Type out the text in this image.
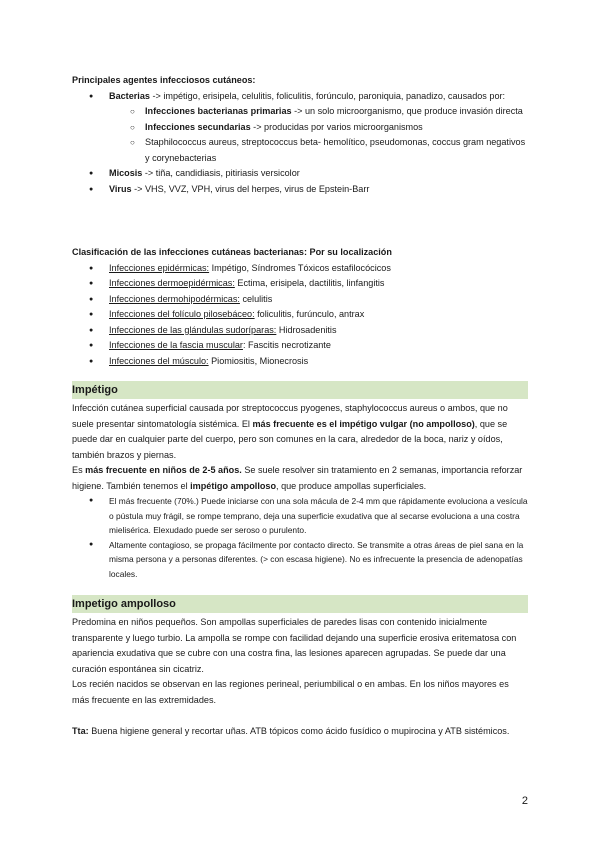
Principales agentes infecciosos cutáneos:
● Bacterias -> impétigo, erisipela, celulitis, foliculitis, forúnculo, paroniquia, panadizo, causados por:
○ Infecciones bacterianas primarias -> un solo microorganismo, que produce invasión directa
○ Infecciones secundarias -> producidas por varios microorganismos
○ Staphilococcus aureus, streptococcus beta- hemolítico, pseudomonas, coccus gram negativos y corynebacterias
● Micosis -> tiña, candidiasis, pitiriasis versicolor
● Virus -> VHS, VVZ, VPH, virus del herpes, virus de Epstein-Barr
Clasificación de las infecciones cutáneas bacterianas: Por su localización
● Infecciones epidérmicas: Impétigo, Síndromes Tóxicos estafilocócicos
● Infecciones dermoepidérmicas: Ectima, erisipela, dactilitis, linfangitis
● Infecciones dermohipodérmicas: celulitis
● Infecciones del folículo pilosebáceo: foliculitis, furúnculo, antrax
● Infecciones de las glándulas sudoríparas: Hidrosadenitis
● Infecciones de la fascia muscular: Fascitis necrotizante
● Infecciones del músculo: Piomiositis, Mionecrosis
Impétigo
Infección cutánea superficial causada por streptococcus pyogenes, staphylococcus aureus o ambos, que no suele presentar sintomatología sistémica. El más frecuente es el impétigo vulgar (no ampolloso), que se puede dar en cualquier parte del cuerpo, pero son comunes en la cara, alrededor de la boca, nariz y oídos, también brazos y piernas.
Es más frecuente en niños de 2-5 años. Se suele resolver sin tratamiento en 2 semanas, importancia reforzar higiene. También tenemos el impétigo ampolloso, que produce ampollas superficiales.
● El más frecuente (70%.) Puede iniciarse con una sola mácula de 2-4 mm que rápidamente evoluciona a vesícula o pústula muy frágil, se rompe temprano, deja una superficie exudativa que al secarse evoluciona a una costra mielisérica. Elexudado puede ser seroso o purulento.
● Altamente contagioso, se propaga fácilmente por contacto directo. Se transmite a otras áreas de piel sana en la misma persona y a personas diferentes. (> con escasa higiene). No es infrecuente la presencia de adenopatías locales.
Impetigo ampolloso
Predomina en niños pequeños. Son ampollas superficiales de paredes lisas con contenido inicialmente transparente y luego turbio. La ampolla se rompe con facilidad dejando una superficie erosiva eritematosa con apariencia exudativa que se cubre con una costra fina, las lesiones aparecen agrupadas. Se puede dar una curación espontánea sin cicatriz.
Los recién nacidos se observan en las regiones perineal, periumbilical o en ambas. En los niños mayores es más frecuente en las extremidades.
Tta: Buena higiene general y recortar uñas. ATB tópicos como ácido fusídico o mupirocina y ATB sistémicos.
2
